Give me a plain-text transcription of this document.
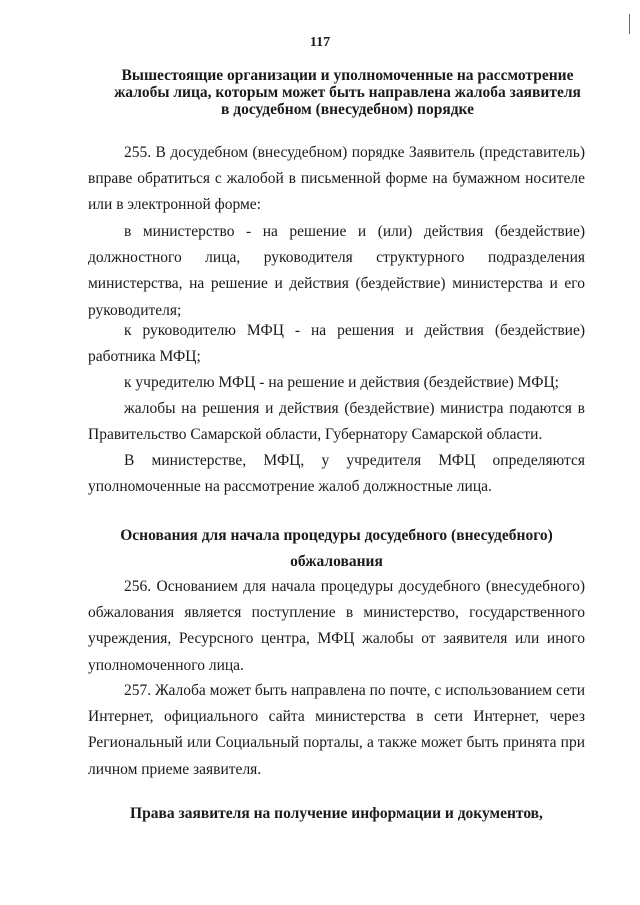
117
Вышестоящие организации и уполномоченные на рассмотрение жалобы лица, которым может быть направлена жалоба заявителя в досудебном (внесудебном) порядке

255. В досудебном (внесудебном) порядке Заявитель (представитель) вправе обратиться с жалобой в письменной форме на бумажном носителе или в электронной форме:

в министерство - на решение и (или) действия (бездействие) должностного лица, руководителя структурного подразделения министерства, на решение и действия (бездействие) министерства и его руководителя;

к руководителю МФЦ - на решения и действия (бездействие) работника МФЦ;

к учредителю МФЦ - на решение и действия (бездействие) МФЦ;

жалобы на решения и действия (бездействие) министра подаются в Правительство Самарской области, Губернатору Самарской области.

В министерстве, МФЦ, у учредителя МФЦ определяются уполномоченные на рассмотрение жалоб должностные лица.

Основания для начала процедуры досудебного (внесудебного) обжалования

256. Основанием для начала процедуры досудебного (внесудебного) обжалования является поступление в министерство, государственного учреждения, Ресурсного центра, МФЦ жалобы от заявителя или иного уполномоченного лица.

257. Жалоба может быть направлена по почте, с использованием сети Интернет, официального сайта министерства в сети Интернет, через Региональный или Социальный порталы, а также может быть принята при личном приеме заявителя.

Права заявителя на получение информации и документов,
